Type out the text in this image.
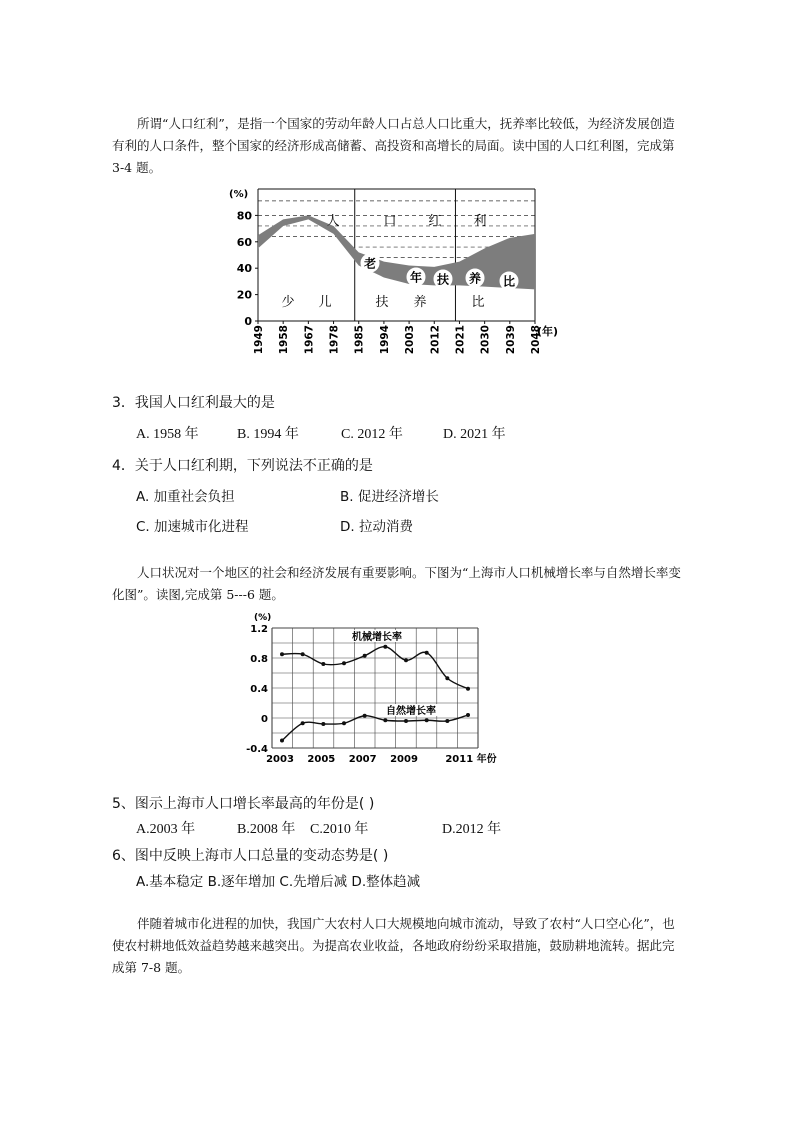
所谓“人口红利”，是指一个国家的劳动年龄人口占总人口比重大，抚养率比较低，为经济发展创造有利的人口条件，整个国家的经济形成高储蓄、高投资和高增长的局面。读中国的人口红利图，完成第 3-4 题。

0
20
40
60
80
(%)
1949 1958 1967 1978 1985 1994 2003 2012 2021 2030 2039 2048
(年)
人	口 红 利
少 儿	扶 养	比
老
年 扶 养 比

3．我国人口红利最大的是

A. 1958 年	B. 1994 年	C. 2012 年	D. 2021 年

4．关于人口红利期，下列说法不正确的是

A. 加重社会负担	B. 促进经济增长
C. 加速城市化进程	D. 拉动消费

人口状况对一个地区的社会和经济发展有重要影响。下图为“上海市人口机械增长率与自然增长率变化图”。读图,完成第 5---6 题。

1.2
0.8
0.4
0
-0.4
(%)
2003 2005 2007 2009	2011 年份
机械增长率
自然增长率

5、图示上海市人口增长率最高的年份是( )

A.2003 年	B.2008 年 C.2010 年	D.2012 年

6、图中反映上海市人口总量的变动态势是( )

A.基本稳定 B.逐年增加 C.先增后减 D.整体趋减

伴随着城市化进程的加快，我国广大农村人口大规模地向城市流动，导致了农村“人口空心化”，也使农村耕地低效益趋势越来越突出。为提高农业收益，各地政府纷纷采取措施，鼓励耕地流转。据此完成第 7-8 题。
